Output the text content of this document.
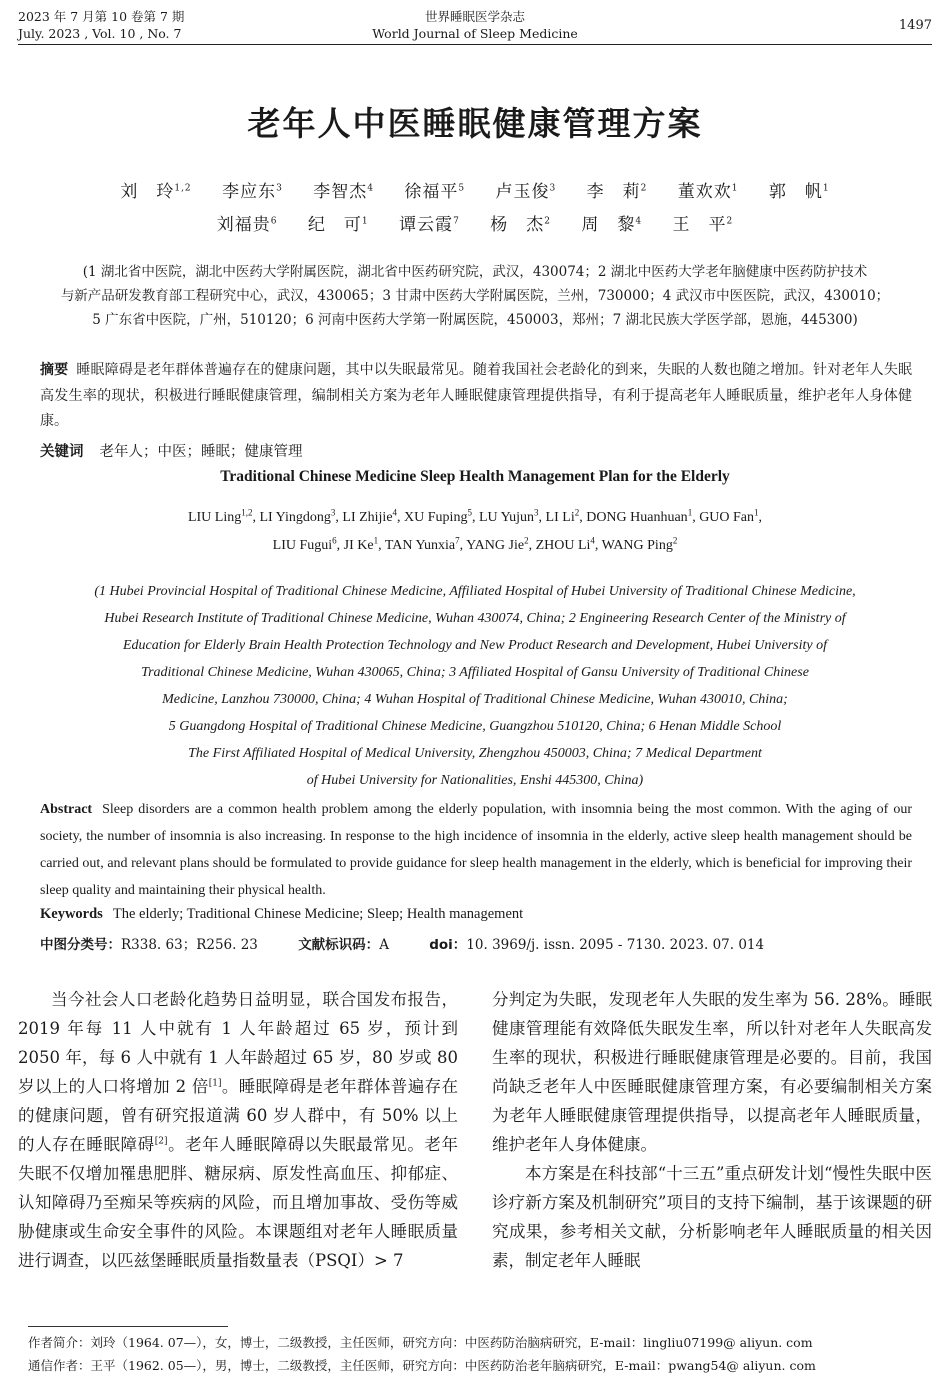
2023 年 7 月第 10 卷第 7 期
July. 2023 , Vol. 10 , No. 7
世界睡眠医学杂志
World Journal of Sleep Medicine
1497
老年人中医睡眠健康管理方案
刘　玲$^{1,2}$ 李应东$^3$ 李智杰$^4$ 徐福平$^5$ 卢玉俊$^3$ 李　莉$^2$ 董欢欢$^1$ 郭　帆$^1$
刘福贵$^6$ 纪　可$^1$ 谭云霞$^7$ 杨　杰$^2$ 周　黎$^4$ 王　平$^2$
(1 湖北省中医院，湖北中医药大学附属医院，湖北省中医药研究院，武汉，430074；2 湖北中医药大学老年脑健康中医药防护技术
与新产品研发教育部工程研究中心，武汉，430065；3 甘肃中医药大学附属医院，兰州，730000；4 武汉市中医医院，武汉，430010；
5 广东省中医院，广州，510120；6 河南中医药大学第一附属医院，450003，郑州；7 湖北民族大学医学部，恩施，445300)
摘要 睡眠障碍是老年群体普遍存在的健康问题，其中以失眠最常见。随着我国社会老龄化的到来，失眠的人数也随之增加。针对老年人失眠高发生率的现状，积极进行睡眠健康管理，编制相关方案为老年人睡眠健康管理提供指导，有利于提高老年人睡眠质量，维护老年人身体健康。
关键词 老年人；中医；睡眠；健康管理
Traditional Chinese Medicine Sleep Health Management Plan for the Elderly
LIU Ling$^{1,2}$, LI Yingdong$^3$, LI Zhijie$^4$, XU Fuping$^5$, LU Yujun$^3$, LI Li$^2$, DONG Huanhuan$^1$, GUO Fan$^1$,
LIU Fugui$^6$, JI Ke$^1$, TAN Yunxia$^7$, YANG Jie$^2$, ZHOU Li$^4$, WANG Ping$^2$
(1 Hubei Provincial Hospital of Traditional Chinese Medicine, Affiliated Hospital of Hubei University of Traditional Chinese Medicine,
Hubei Research Institute of Traditional Chinese Medicine, Wuhan 430074, China; 2 Engineering Research Center of the Ministry of
Education for Elderly Brain Health Protection Technology and New Product Research and Development, Hubei University of
Traditional Chinese Medicine, Wuhan 430065, China; 3 Affiliated Hospital of Gansu University of Traditional Chinese
Medicine, Lanzhou 730000, China; 4 Wuhan Hospital of Traditional Chinese Medicine, Wuhan 430010, China;
5 Guangdong Hospital of Traditional Chinese Medicine, Guangzhou 510120, China; 6 Henan Middle School
The First Affiliated Hospital of Medical University, Zhengzhou 450003, China; 7 Medical Department
of Hubei University for Nationalities, Enshi 445300, China)
Abstract Sleep disorders are a common health problem among the elderly population, with insomnia being the most common. With the aging of our society, the number of insomnia is also increasing. In response to the high incidence of insomnia in the elderly, active sleep health management should be carried out, and relevant plans should be formulated to provide guidance for sleep health management in the elderly, which is beneficial for improving their sleep quality and maintaining their physical health.
Keywords The elderly; Traditional Chinese Medicine; Sleep; Health management
中图分类号：R338. 63；R256. 23	文献标识码：A	doi：10. 3969/j. issn. 2095 - 7130. 2023. 07. 014

当今社会人口老龄化趋势日益明显，联合国发布报告，2019 年每 11 人中就有 1 人年龄超过 65 岁，预计到 2050 年，每 6 人中就有 1 人年龄超过 65 岁，80 岁或 80 岁以上的人口将增加 2 倍[1]。睡眠障碍是老年群体普遍存在的健康问题，曾有研究报道满 60 岁人群中，有 50% 以上的人存在睡眠障碍[2]。老年人睡眠障碍以失眠最常见。老年失眠不仅增加罹患肥胖、糖尿病、原发性高血压、抑郁症、认知障碍乃至痴呆等疾病的风险，而且增加事故、受伤等威胁健康或生命安全事件的风险。本课题组对老年人睡眠质量进行调查，以匹兹堡睡眠质量指数量表（PSQI）> 7

分判定为失眠，发现老年人失眠的发生率为 56. 28%。睡眠健康管理能有效降低失眠发生率，所以针对老年人失眠高发生率的现状，积极进行睡眠健康管理是必要的。目前，我国尚缺乏老年人中医睡眠健康管理方案，有必要编制相关方案为老年人睡眠健康管理提供指导，以提高老年人睡眠质量，维护老年人身体健康。

本方案是在科技部“十三五”重点研发计划“慢性失眠中医诊疗新方案及机制研究”项目的支持下编制，基于该课题的研究成果，参考相关文献，分析影响老年人睡眠质量的相关因素，制定老年人睡眠

作者简介：刘玲（1964. 07—），女，博士，二级教授，主任医师，研究方向：中医药防治脑病研究，E-mail：lingliu07199@ aliyun. com
通信作者：王平（1962. 05—），男，博士，二级教授，主任医师，研究方向：中医药防治老年脑病研究，E-mail：pwang54@ aliyun. com
